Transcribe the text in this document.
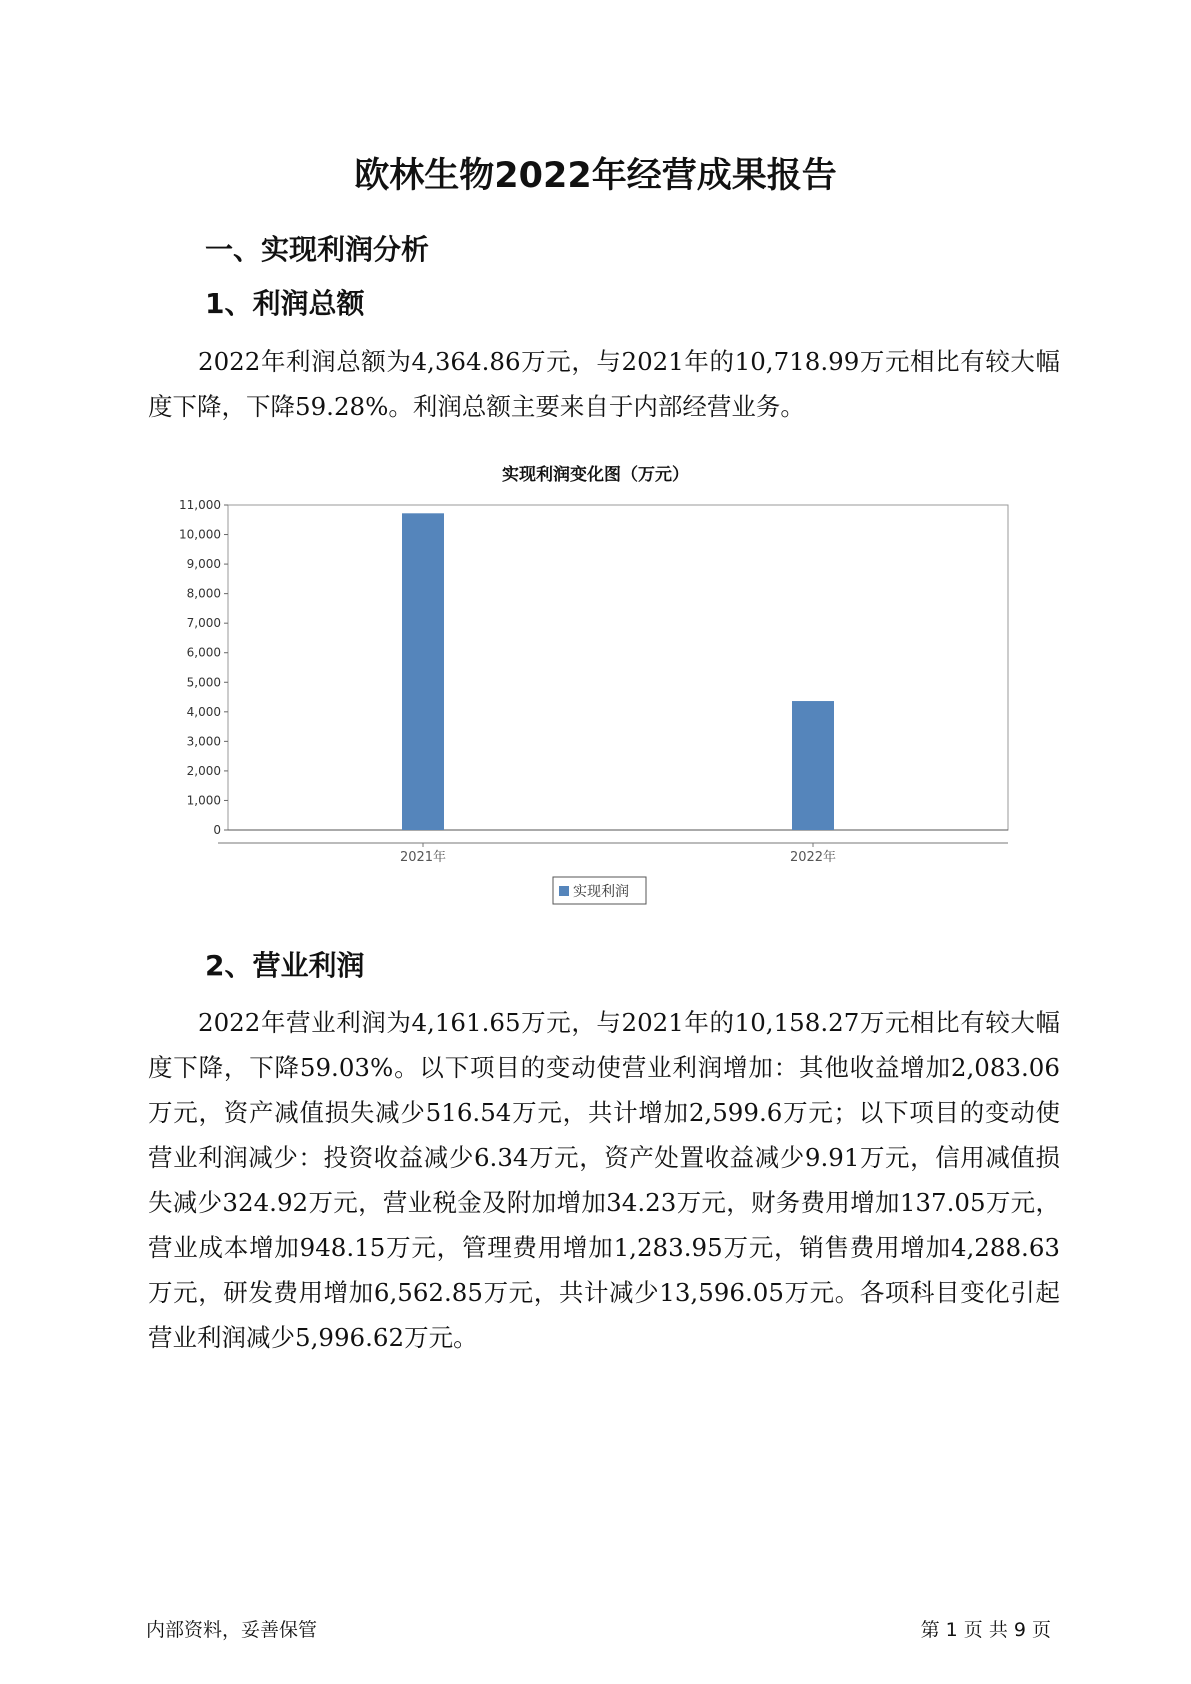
欧林生物2022年经营成果报告
一、实现利润分析
1、利润总额

2022年利润总额为4,364.86万元，与2021年的10,718.99万元相比有较大幅度下降，下降59.28%。利润总额主要来自于内部经营业务。

实现利润变化图（万元）
0
1,000
2,000
3,000
4,000
5,000
6,000
7,000
8,000
9,000
10,000
11,000
2021年	2022年
实现利润
2、营业利润

2022年营业利润为4,161.65万元，与2021年的10,158.27万元相比有较大幅度下降，下降59.03%。以下项目的变动使营业利润增加：其他收益增加2,083.06万元，资产减值损失减少516.54万元，共计增加2,599.6万元；以下项目的变动使营业利润减少：投资收益减少6.34万元，资产处置收益减少9.91万元，信用减值损失减少324.92万元，营业税金及附加增加34.23万元，财务费用增加137.05万元，营业成本增加948.15万元，管理费用增加1,283.95万元，销售费用增加4,288.63万元，研发费用增加6,562.85万元，共计减少13,596.05万元。各项科目变化引起营业利润减少5,996.62万元。

内部资料，妥善保管	第 1 页 共 9 页
